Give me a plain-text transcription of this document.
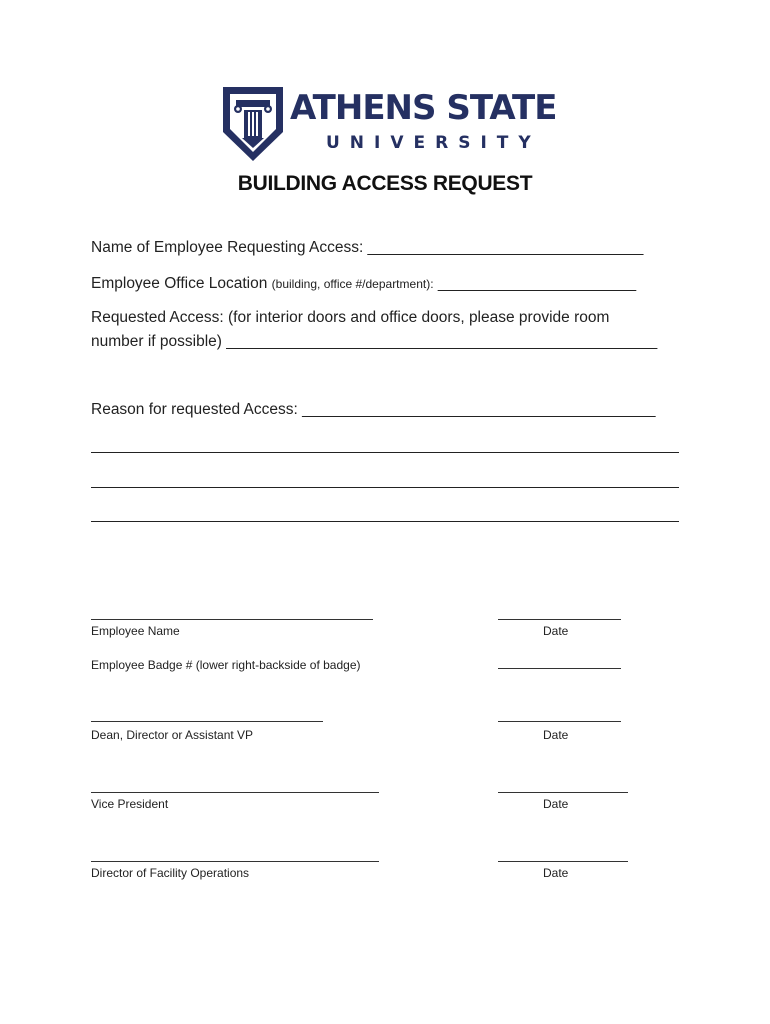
ATHENS STATE
UNIVERSITY
BUILDING ACCESS REQUEST
Name of Employee Requesting Access: ________________________________
Employee Office Location (building, office #/department): _______________________
Requested Access: (for interior doors and office doors, please provide room
number if possible) __________________________________________________
Reason for requested Access: _________________________________________
Employee Name	Date
Employee Badge # (lower right-backside of badge)
Dean, Director or Assistant VP	Date
Vice President	Date
Director of Facility Operations	Date
